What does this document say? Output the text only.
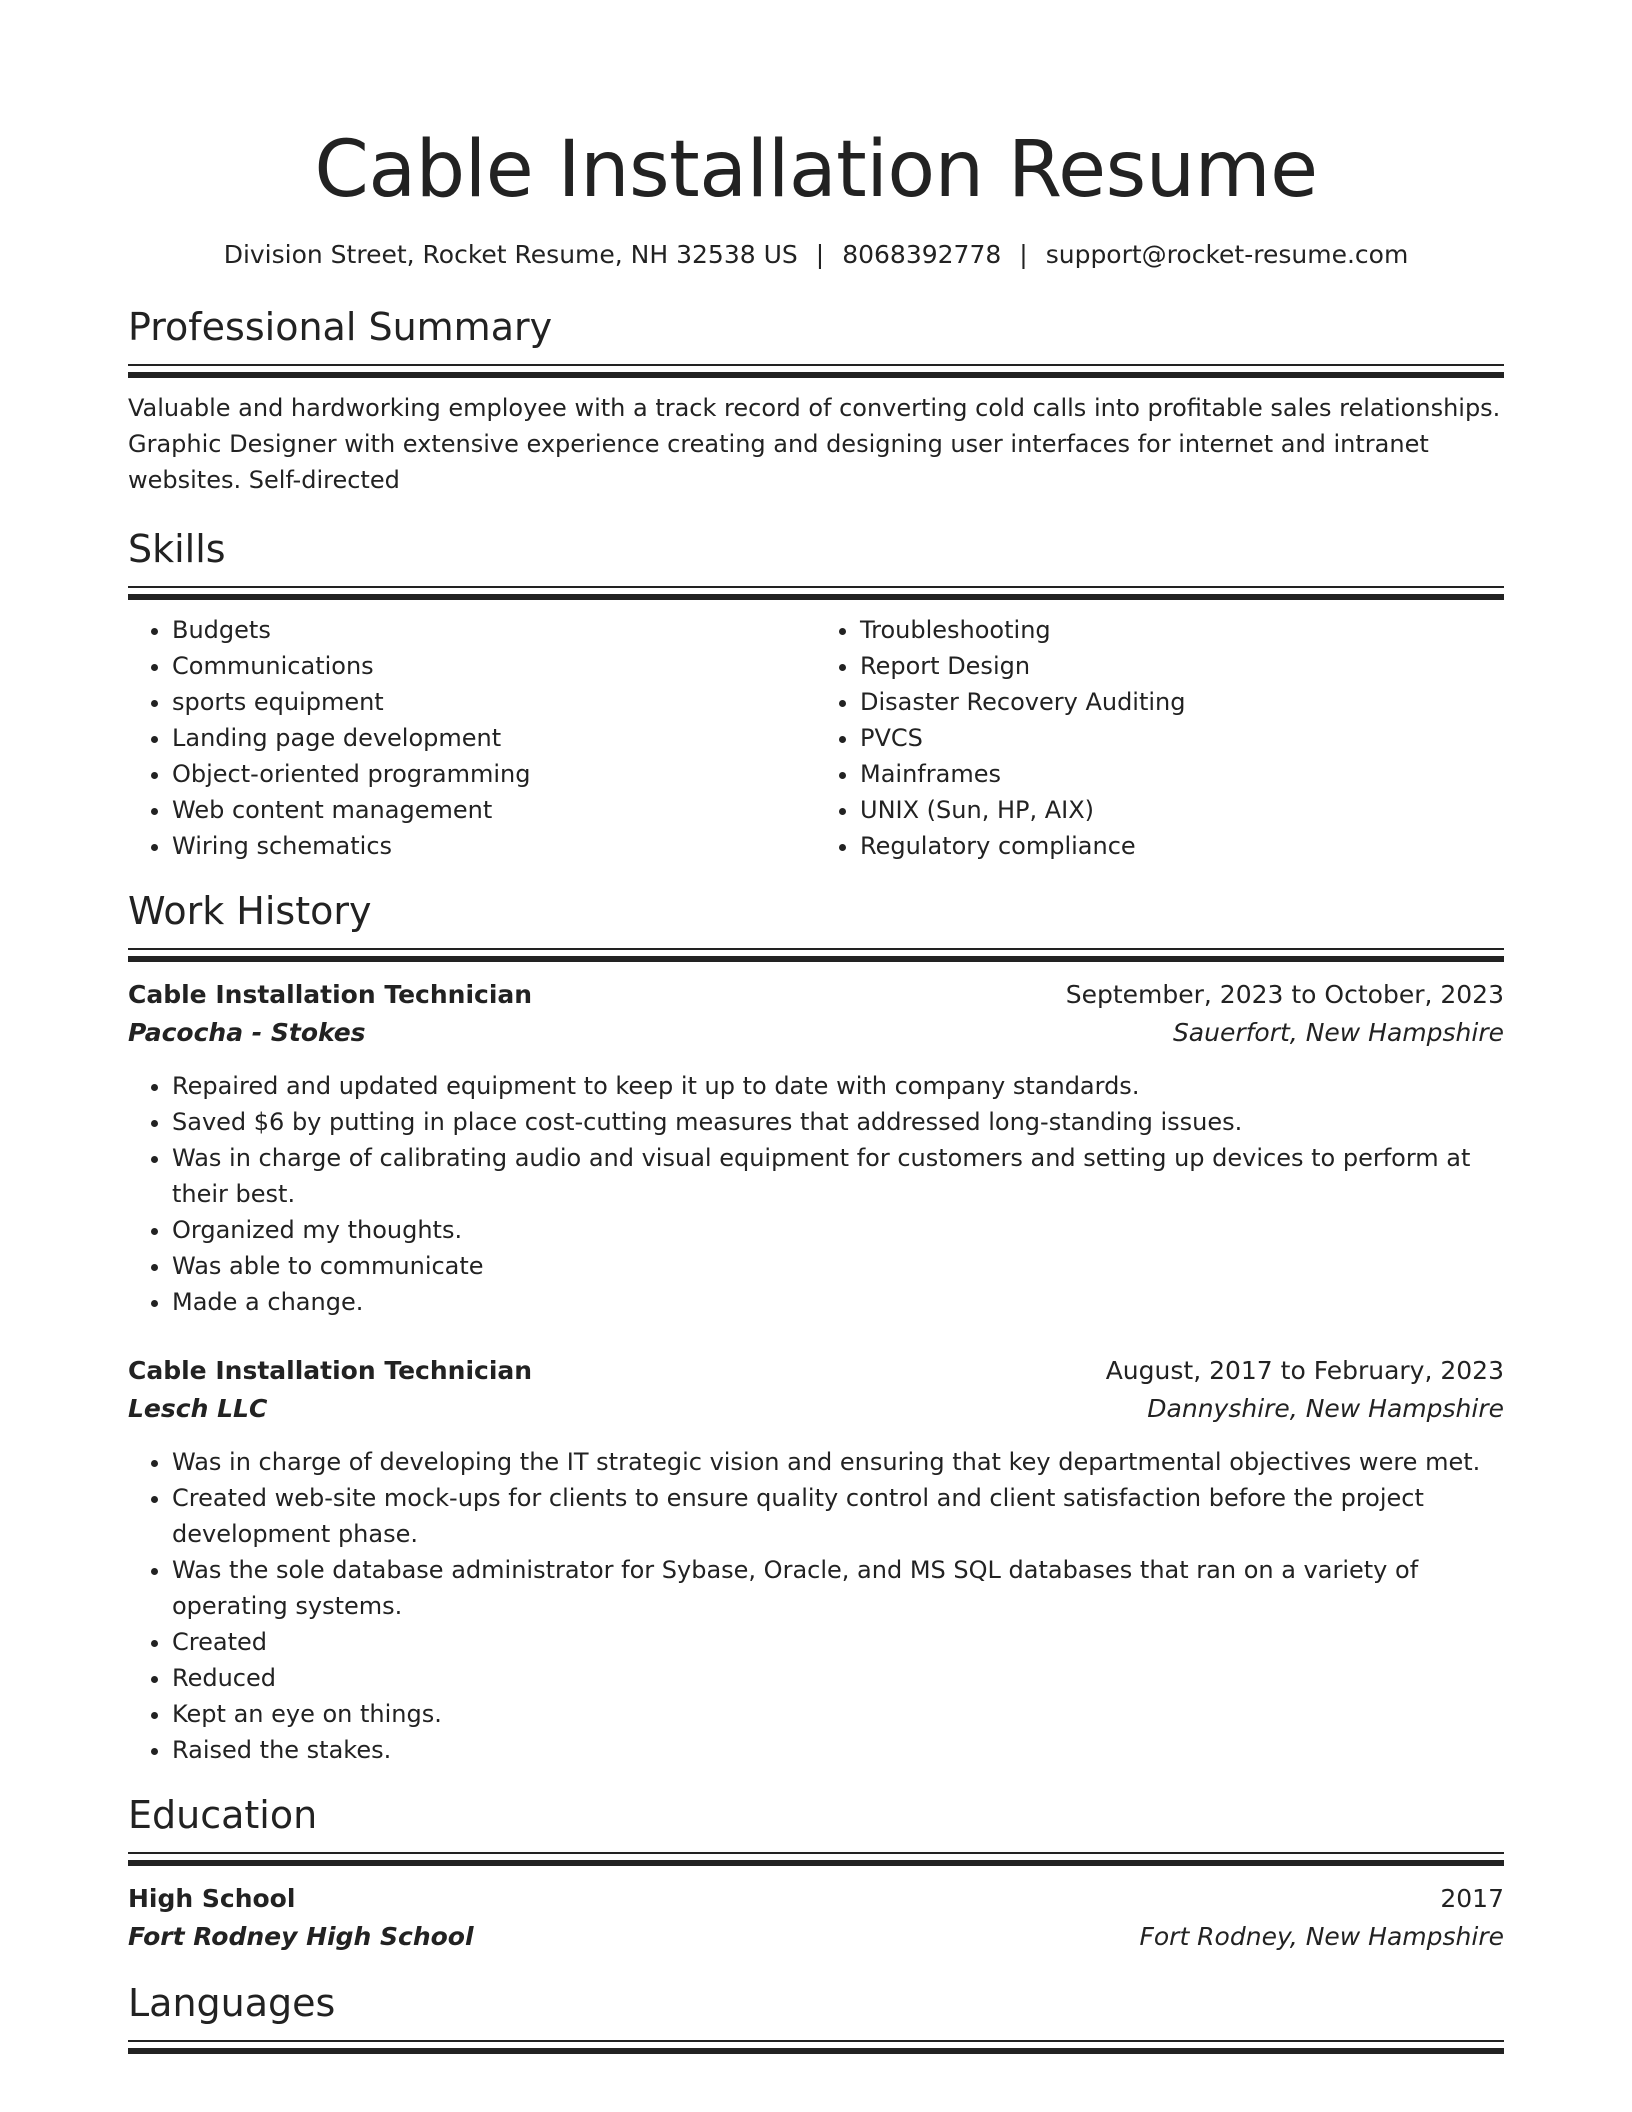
Cable Installation Resume
Division Street, Rocket Resume, NH 32538 US | 8068392778 | support@rocket-resume.com
Professional Summary
Valuable and hardworking employee with a track record of converting cold calls into profitable sales relationships. Graphic Designer with extensive experience creating and designing user interfaces for internet and intranet websites. Self-directed
Skills
• Budgets
• Communications
• sports equipment
• Landing page development
• Object-oriented programming
• Web content management
• Wiring schematics
• Troubleshooting
• Report Design
• Disaster Recovery Auditing
• PVCS
• Mainframes
• UNIX (Sun, HP, AIX)
• Regulatory compliance
Work History
Cable Installation Technician	September, 2023 to October, 2023
Pacocha - Stokes	Sauerfort, New Hampshire
• Repaired and updated equipment to keep it up to date with company standards.
• Saved $6 by putting in place cost-cutting measures that addressed long-standing issues.
• Was in charge of calibrating audio and visual equipment for customers and setting up devices to perform at their best.
• Organized my thoughts.
• Was able to communicate
• Made a change.
Cable Installation Technician	August, 2017 to February, 2023
Lesch LLC	Dannyshire, New Hampshire
• Was in charge of developing the IT strategic vision and ensuring that key departmental objectives were met.
• Created web-site mock-ups for clients to ensure quality control and client satisfaction before the project development phase.
• Was the sole database administrator for Sybase, Oracle, and MS SQL databases that ran on a variety of operating systems.
• Created
• Reduced
• Kept an eye on things.
• Raised the stakes.
Education
High School	2017
Fort Rodney High School	Fort Rodney, New Hampshire
Languages
